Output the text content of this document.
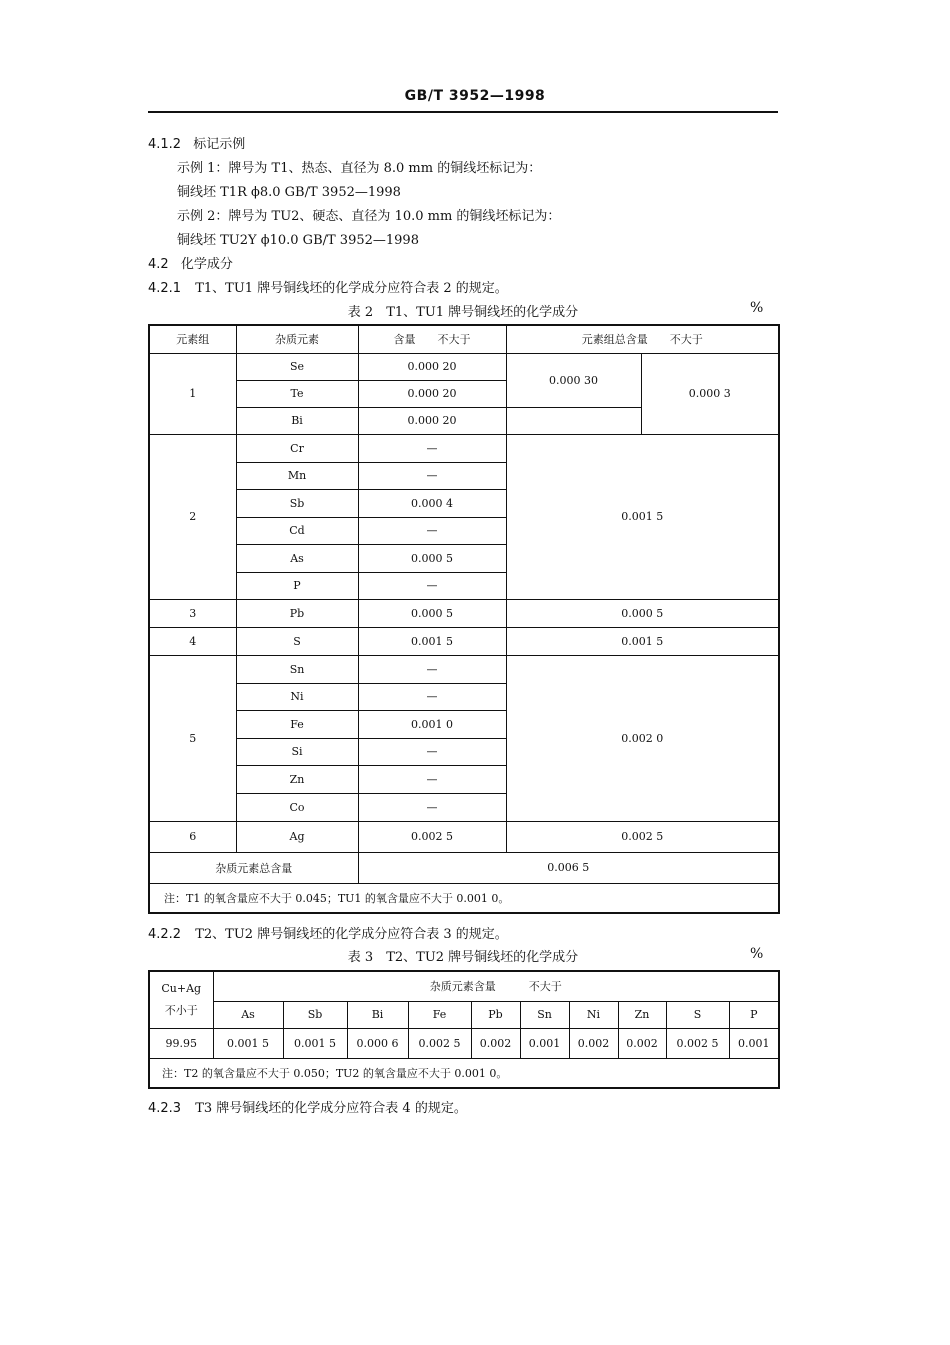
GB/T 3952—1998
4.1.2 标记示例
示例 1：牌号为 T1、热态、直径为 8.0 mm 的铜线坯标记为：
铜线坯 T1R ϕ8.0 GB/T 3952—1998
示例 2：牌号为 TU2、硬态、直径为 10.0 mm 的铜线坯标记为：
铜线坯 TU2Y ϕ10.0 GB/T 3952—1998
4.2 化学成分
4.2.1 T1、TU1 牌号铜线坯的化学成分应符合表 2 的规定。
表 2　T1、TU1 牌号铜线坯的化学成分	%
元素组	杂质元素	含量　　不大于	元素组总含量　　不大于	
1	Se	0.000 20	0.000 30	0.000 3
	Te	0.000 20		
	Bi	0.000 20		
2	Cr	—	0.001 5	
	Mn	—		
	Sb	0.000 4		
	Cd	—		
	As	0.000 5		
	P	—		
3	Pb	0.000 5	0.000 5	
4	S	0.001 5	0.001 5	
5	Sn	—	0.002 0	
	Ni	—		
	Fe	0.001 0		
	Si	—		
	Zn	—		
	Co	—		
6	Ag	0.002 5	0.002 5	
杂质元素总含量		0.006 5		
注：T1 的氧含量应不大于 0.045；TU1 的氧含量应不大于 0.001 0。				
4.2.2 T2、TU2 牌号铜线坯的化学成分应符合表 3 的规定。
表 3　T2、TU2 牌号铜线坯的化学成分	%
Cu+Ag
不小于	杂质元素含量　　　不大于									
	As	Sb	Bi	Fe	Pb	Sn	Ni	Zn	S	P
99.95	0.001 5	0.001 5	0.000 6	0.002 5	0.002	0.001	0.002	0.002	0.002 5	0.001
注：T2 的氧含量应不大于 0.050；TU2 的氧含量应不大于 0.001 0。										
4.2.3 T3 牌号铜线坯的化学成分应符合表 4 的规定。
